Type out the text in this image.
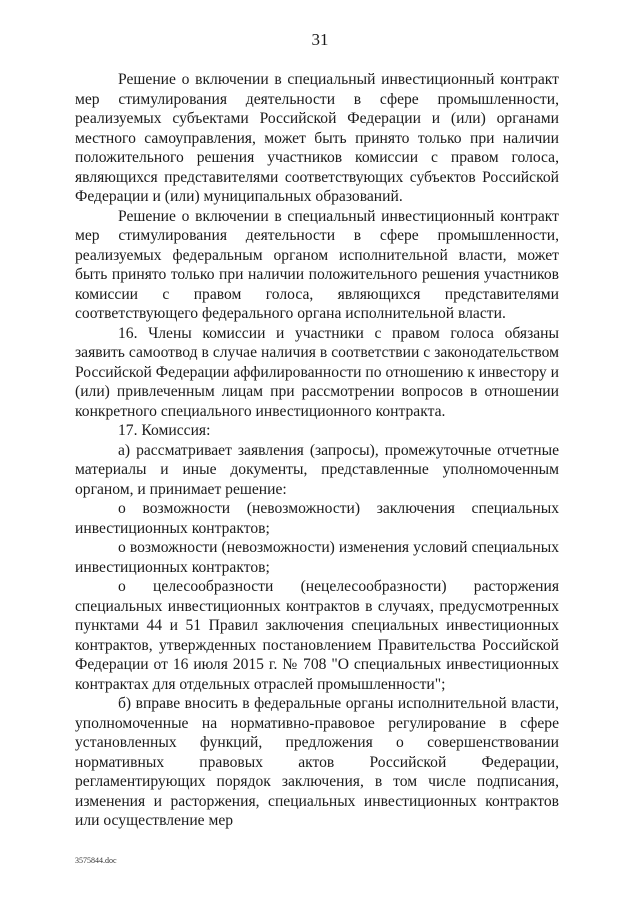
31

Решение о включении в специальный инвестиционный контракт мер стимулирования деятельности в сфере промышленности, реализуемых субъектами Российской Федерации и (или) органами местного самоуправления, может быть принято только при наличии положительного решения участников комиссии с правом голоса, являющихся представителями соответствующих субъектов Российской Федерации и (или) муниципальных образований.

Решение о включении в специальный инвестиционный контракт мер стимулирования деятельности в сфере промышленности, реализуемых федеральным органом исполнительной власти, может быть принято только при наличии положительного решения участников комиссии с правом голоса, являющихся представителями соответствующего федерального органа исполнительной власти.

16. Члены комиссии и участники с правом голоса обязаны заявить самоотвод в случае наличия в соответствии с законодательством Российской Федерации аффилированности по отношению к инвестору и (или) привлеченным лицам при рассмотрении вопросов в отношении конкретного специального инвестиционного контракта.

17. Комиссия:

а) рассматривает заявления (запросы), промежуточные отчетные материалы и иные документы, представленные уполномоченным органом, и принимает решение:

о возможности (невозможности) заключения специальных инвестиционных контрактов;

о возможности (невозможности) изменения условий специальных инвестиционных контрактов;

о целесообразности (нецелесообразности) расторжения специальных инвестиционных контрактов в случаях, предусмотренных пунктами 44 и 51 Правил заключения специальных инвестиционных контрактов, утвержденных постановлением Правительства Российской Федерации от 16 июля 2015 г. № 708 "О специальных инвестиционных контрактах для отдельных отраслей промышленности";

б) вправе вносить в федеральные органы исполнительной власти, уполномоченные на нормативно-правовое регулирование в сфере установленных функций, предложения о совершенствовании нормативных правовых актов Российской Федерации, регламентирующих порядок заключения, в том числе подписания, изменения и расторжения, специальных инвестиционных контрактов или осуществление мер

3575844.doc
